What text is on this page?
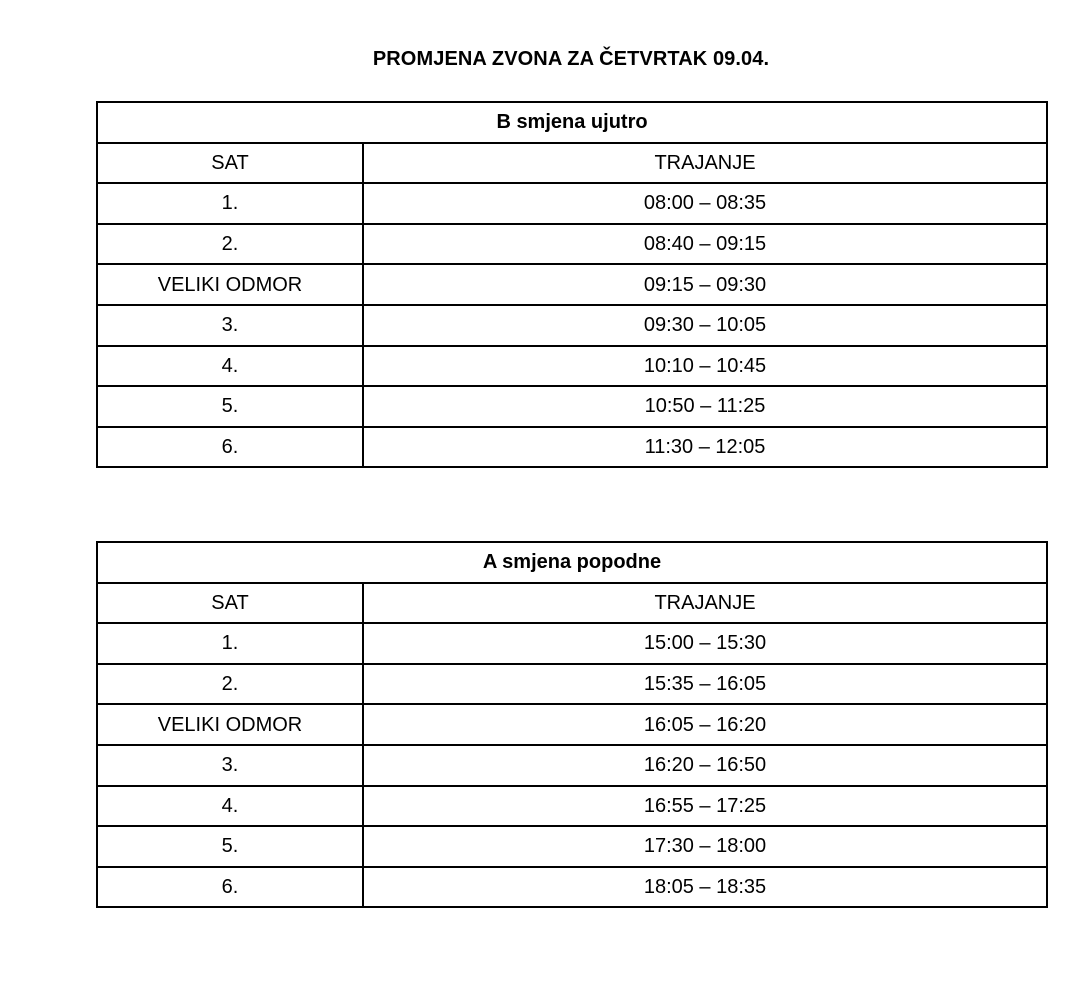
PROMJENA ZVONA ZA ČETVRTAK 09.04.
B smjena ujutro	
SAT	TRAJANJE
1.	08:00 – 08:35
2.	08:40 – 09:15
VELIKI ODMOR	09:15 – 09:30
3.	09:30 – 10:05
4.	10:10 – 10:45
5.	10:50 – 11:25
6.	11:30 – 12:05
A smjena popodne	
SAT	TRAJANJE
1.	15:00 – 15:30
2.	15:35 – 16:05
VELIKI ODMOR	16:05 – 16:20
3.	16:20 – 16:50
4.	16:55 – 17:25
5.	17:30 – 18:00
6.	18:05 – 18:35
